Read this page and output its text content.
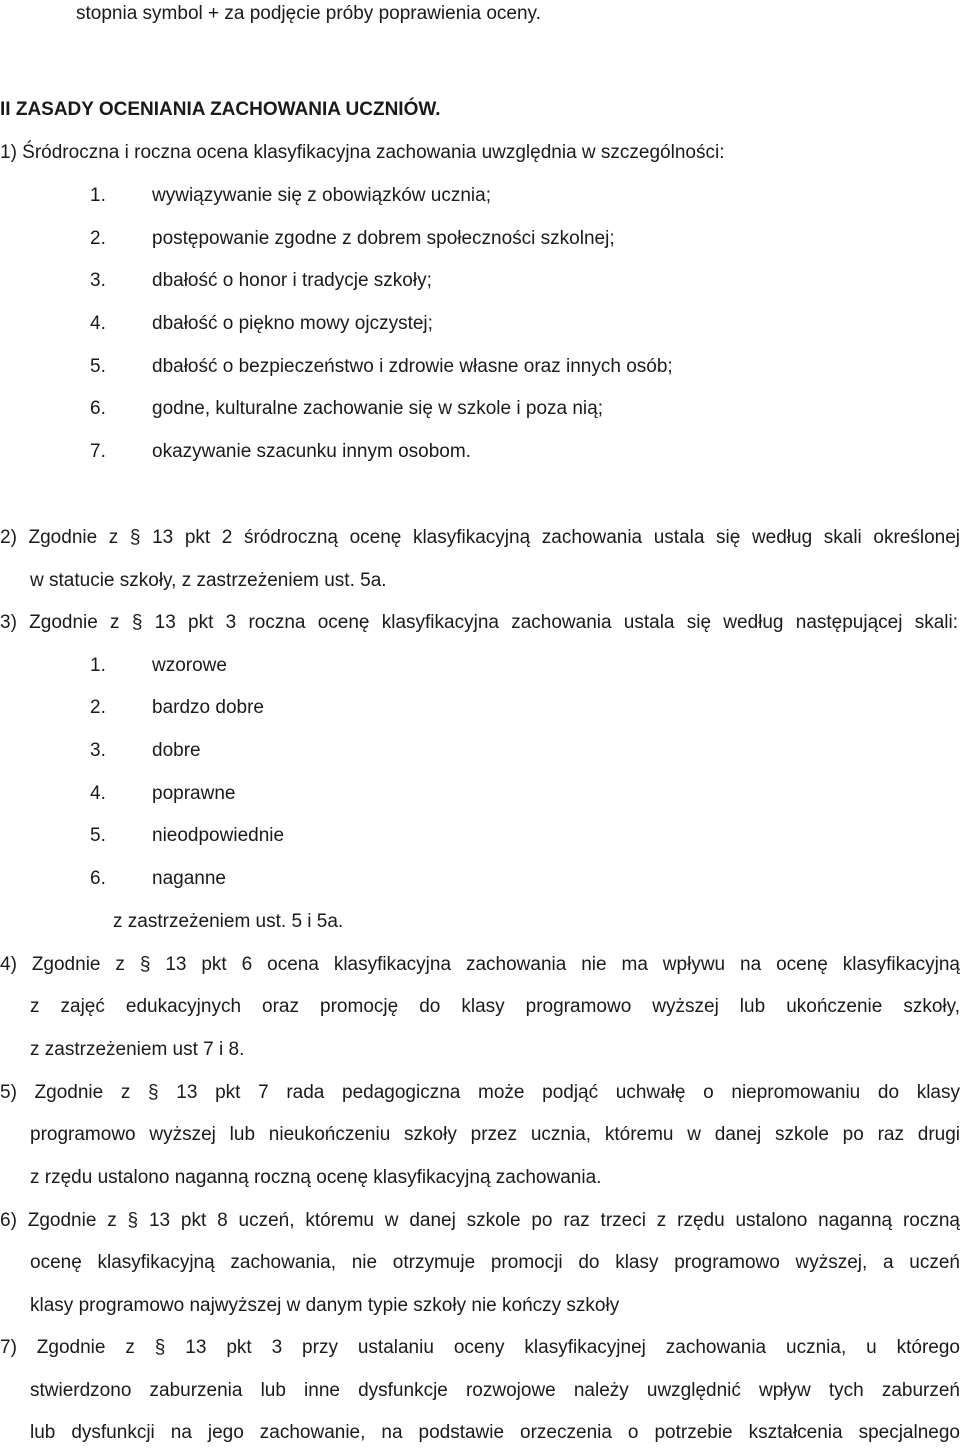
stopnia symbol + za podjęcie próby poprawienia oceny.
II ZASADY OCENIANIA ZACHOWANIA UCZNIÓW.
1) Śródroczna i roczna ocena klasyfikacyjna zachowania uwzględnia w szczególności:
1. wywiązywanie się z obowiązków ucznia;
2. postępowanie zgodne z dobrem społeczności szkolnej;
3. dbałość o honor i tradycje szkoły;
4. dbałość o piękno mowy ojczystej;
5. dbałość o bezpieczeństwo i zdrowie własne oraz innych osób;
6. godne, kulturalne zachowanie się w szkole i poza nią;
7. okazywanie szacunku innym osobom.
2) Zgodnie z § 13 pkt 2 śródroczną ocenę klasyfikacyjną zachowania ustala się według skali określonej
w statucie szkoły, z zastrzeżeniem ust. 5a.
3) Zgodnie z § 13 pkt 3 roczna ocenę klasyfikacyjna zachowania ustala się według następującej skali:
1. wzorowe
2. bardzo dobre
3. dobre
4. poprawne
5. nieodpowiednie
6. naganne
z zastrzeżeniem ust. 5 i 5a.
4) Zgodnie z § 13 pkt 6 ocena klasyfikacyjna zachowania nie ma wpływu na ocenę klasyfikacyjną
z zajęć edukacyjnych oraz promocję do klasy programowo wyższej lub ukończenie szkoły,
z zastrzeżeniem ust 7 i 8.
5) Zgodnie z § 13 pkt 7 rada pedagogiczna może podjąć uchwałę o niepromowaniu do klasy
programowo wyższej lub nieukończeniu szkoły przez ucznia, któremu w danej szkole po raz drugi
z rzędu ustalono naganną roczną ocenę klasyfikacyjną zachowania.
6) Zgodnie z § 13 pkt 8 uczeń, któremu w danej szkole po raz trzeci z rzędu ustalono naganną roczną
ocenę klasyfikacyjną zachowania, nie otrzymuje promocji do klasy programowo wyższej, a uczeń
klasy programowo najwyższej w danym typie szkoły nie kończy szkoły
7) Zgodnie z § 13 pkt 3 przy ustalaniu oceny klasyfikacyjnej zachowania ucznia, u którego
stwierdzono zaburzenia lub inne dysfunkcje rozwojowe należy uwzględnić wpływ tych zaburzeń
lub dysfunkcji na jego zachowanie, na podstawie orzeczenia o potrzebie kształcenia specjalnego
